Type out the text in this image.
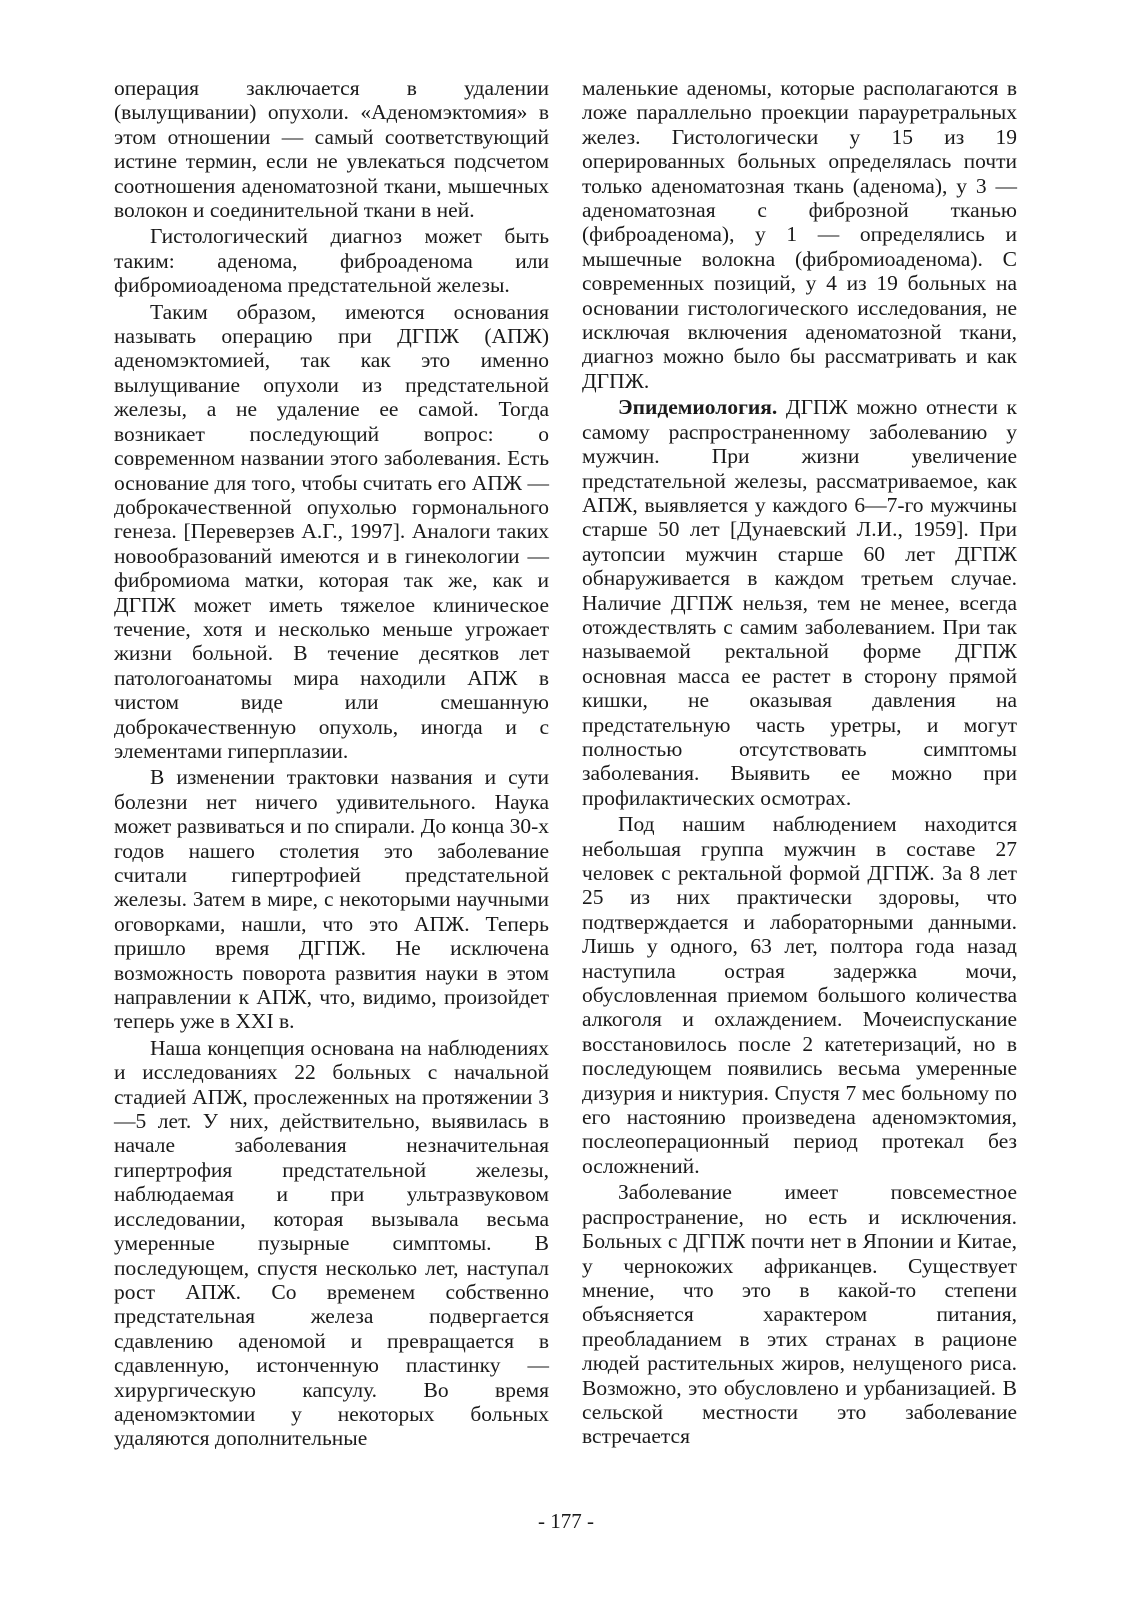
операция заключается в удалении (вылущивании) опухоли. «Аденомэктомия» в этом отношении — самый соответствующий истине термин, если не увлекаться подсчетом соотношения аденоматозной ткани, мышечных волокон и соединительной ткани в ней.

Гистологический диагноз может быть таким: аденома, фиброаденома или фибромиоаденома предстательной железы.

Таким образом, имеются основания называть операцию при ДГПЖ (АПЖ) аденомэктомией, так как это именно вылущивание опухоли из предстательной железы, а не удаление ее самой. Тогда возникает последующий вопрос: о современном названии этого заболевания. Есть основание для того, чтобы считать его АПЖ — доброкачественной опухолью гормонального генеза. [Переверзев А.Г., 1997]. Аналоги таких новообразований имеются и в гинекологии — фибромиома матки, которая так же, как и ДГПЖ может иметь тяжелое клиническое течение, хотя и несколько меньше угрожает жизни больной. В течение десятков лет патологоанатомы мира находили АПЖ в чистом виде или смешанную доброкачественную опухоль, иногда и с элементами гиперплазии.

В изменении трактовки названия и сути болезни нет ничего удивительного. Наука может развиваться и по спирали. До конца 30-х годов нашего столетия это заболевание считали гипертрофией предстательной железы. Затем в мире, с некоторыми научными оговорками, нашли, что это АПЖ. Теперь пришло время ДГПЖ. Не исключена возможность поворота развития науки в этом направлении к АПЖ, что, видимо, произойдет теперь уже в XXI в.

Наша концепция основана на наблюдениях и исследованиях 22 больных с начальной стадией АПЖ, прослеженных на протяжении 3—5 лет. У них, действительно, выявилась в начале заболевания незначительная гипертрофия предстательной железы, наблюдаемая и при ультразвуковом исследовании, которая вызывала весьма умеренные пузырные симптомы. В последующем, спустя несколько лет, наступал рост АПЖ. Со временем собственно предстательная железа подвергается сдавлению аденомой и превращается в сдавленную, истонченную пластинку — хирургическую капсулу. Во время аденомэктомии у некоторых больных удаляются дополнительные

маленькие аденомы, которые располагаются в ложе параллельно проекции парауретральных желез. Гистологически у 15 из 19 оперированных больных определялась почти только аденоматозная ткань (аденома), у 3 — аденоматозная с фиброзной тканью (фиброаденома), у 1 — определялись и мышечные волокна (фибромиоаденома). С современных позиций, у 4 из 19 больных на основании гистологического исследования, не исключая включения аденоматозной ткани, диагноз можно было бы рассматривать и как ДГПЖ.

Эпидемиология. ДГПЖ можно отнести к самому распространенному заболеванию у мужчин. При жизни увеличение предстательной железы, рассматриваемое, как АПЖ, выявляется у каждого 6—7-го мужчины старше 50 лет [Дунаевский Л.И., 1959]. При аутопсии мужчин старше 60 лет ДГПЖ обнаруживается в каждом третьем случае. Наличие ДГПЖ нельзя, тем не менее, всегда отождествлять с самим заболеванием. При так называемой ректальной форме ДГПЖ основная масса ее растет в сторону прямой кишки, не оказывая давления на предстательную часть уретры, и могут полностью отсутствовать симптомы заболевания. Выявить ее можно при профилактических осмотрах.

Под нашим наблюдением находится небольшая группа мужчин в составе 27 человек с ректальной формой ДГПЖ. За 8 лет 25 из них практически здоровы, что подтверждается и лабораторными данными. Лишь у одного, 63 лет, полтора года назад наступила острая задержка мочи, обусловленная приемом большого количества алкоголя и охлаждением. Мочеиспускание восстановилось после 2 катетеризаций, но в последующем появились весьма умеренные дизурия и никтурия. Спустя 7 мес больному по его настоянию произведена аденомэктомия, послеоперационный период протекал без осложнений.

Заболевание имеет повсеместное распространение, но есть и исключения. Больных с ДГПЖ почти нет в Японии и Китае, у чернокожих африканцев. Существует мнение, что это в какой-то степени объясняется характером питания, преобладанием в этих странах в рационе людей растительных жиров, нелущеного риса. Возможно, это обусловлено и урбанизацией. В сельской местности это заболевание встречается

- 177 -
